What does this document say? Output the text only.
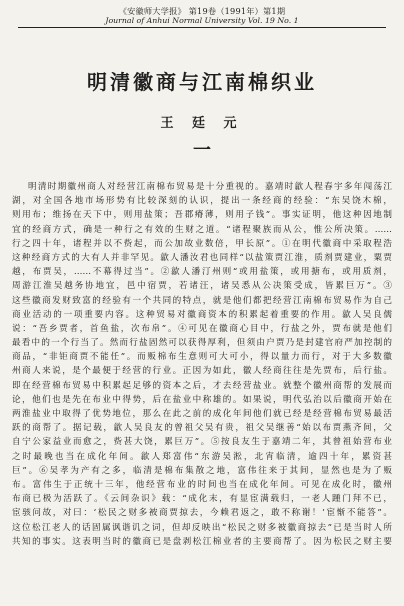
《安徽师大学报》 第19卷（1991年）第1期
Journal of Anhui Normal University Vol. 19 No. 1
明清徽商与江南棉织业
王 廷 元
一
明清时期徽州商人对经营江南棉布贸易是十分重视的。嘉靖时歙人程春宇多年闯荡江
湖，对全国各地市场形势有比较深刻的认识，提出一条经商的经验：“东吴饶木棉，
则用布；维扬在天下中，则用盐策；吾郡瘠薄，则用子钱”。事实证明，他这种因地制
宜的经商方式，确是一种行之有效的生财之道。“诸程聚族而从公，惟公所决策。……
行之四十年，诸程并以不赀起，而公加故业数倍，甲长原”。①在明代徽商中采取程浩
这种经商方式的大有人并非罕见。歙人潘汝君也同样“以盐策贾江淮，质剂贾建业，粟贾
越，布贾吴，……不幕得过当”。②歙人潘汀州则“或用盐策，或用搪布，或用质剂，
周游江淮吴越务协地宜，邑中宿贾，若诸汪，诸吴悉从公决策受成，皆累巨万”。③
这些徽商发财致富的经验有一个共同的特点，就是他们都把经营江南棉布贸易作为自己
商业活动的一项重要内容。这种贸易对徽商资本的积累起着重要的作用。歙人吴良儒
说：“吾乡贾者，首鱼盐，次布帛”。④可见在徽商心目中，行盐之外，贾布就是他们
最看中的一个行当了。然而行盐固然可以获得厚利，但须由户贾乃是封建官府严加控制的
商品，“非钜商贾不能任”。而贩棉布生意则可大可小，得以量力而行，对于大多数徽
州商人来说，是个最便于经营的行业。正因为如此，徽人经商往往是先贾布，后行盐。
即在经营棉布贸易中积累起足够的资本之后，才去经营盐业。就整个徽州商帮的发展而
论，他们也是先在布业中得势，后在盐业中称雄的。如果说，明代弘治以后徽商开始在
两淮盐业中取得了优势地位，那么在此之前的成化年间他们就已经是经营棉布贸易最活
跃的商帮了。据记载，歙人吴良友的曾祖父吴有贵，祖父吴继善“始以布贾燕齐间，父
自宁公家益业而愈之，赀甚大饶，累巨万”。⑤按良友生于嘉靖二年，其曾祖始营布业
之时最晚也当在成化年间。歙人郑富伟“东游吴淞，北宵临清，逾四十年，累资甚
巨”。⑥吴孝为产有之多，临清是棉布集散之地，富伟往来于其间，显然也是为了贩
布。富伟生于正统十三年，他经营布业的时间也当在成化年间。可见在成化时，徽州
布商已极为活跃了。《云间杂识》载：“成化末，有显宦满载归，一老人踵门拜不已，
宦骇问故，对曰：‘松民之财多被商贾掠去，今赖君返之，敢不称谢！’宦惭不能答”。
这位松江老人的话固属讽谐讥之词，但却反映出“松民之财多被徽商掠去”已是当时人所
共知的事实。这表明当时的徽商已是盘剥松江棉业者的主要商帮了。因为松民之财主要
